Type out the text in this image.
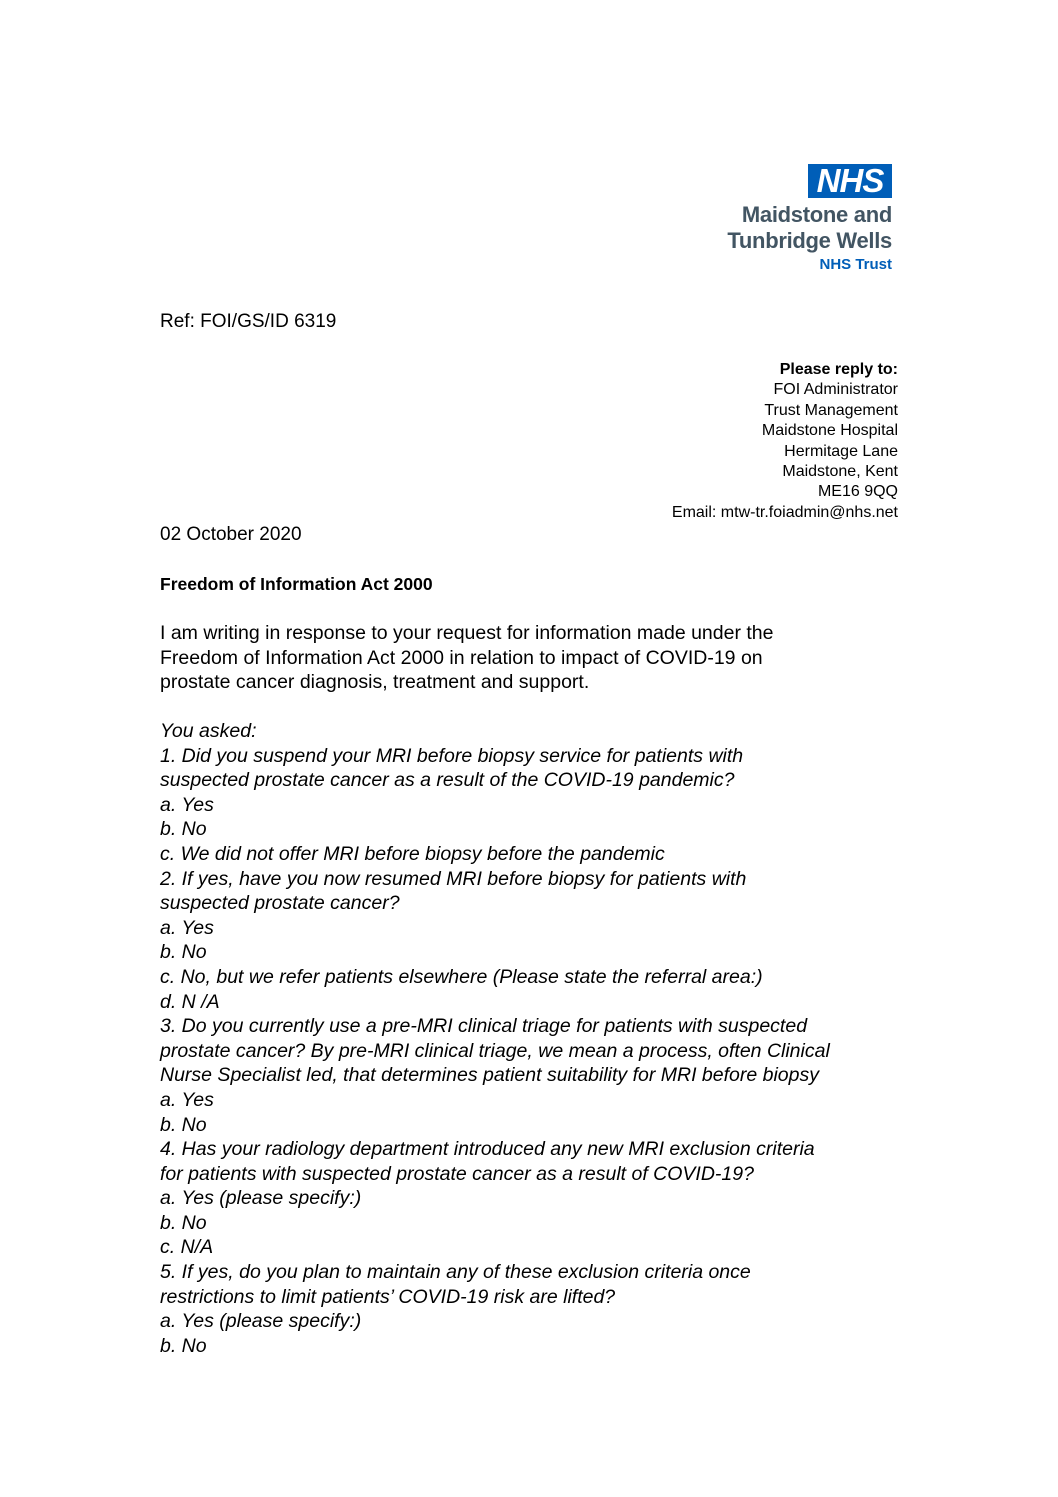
NHS
Maidstone and
Tunbridge Wells
NHS Trust
Ref: FOI/GS/ID 6319
Please reply to:
FOI Administrator
Trust Management
Maidstone Hospital
Hermitage Lane
Maidstone, Kent
ME16 9QQ
Email: mtw-tr.foiadmin@nhs.net
02 October 2020
Freedom of Information Act 2000
I am writing in response to your request for information made under the
Freedom of Information Act 2000 in relation to impact of COVID-19 on
prostate cancer diagnosis, treatment and support.
You asked:
1. Did you suspend your MRI before biopsy service for patients with
suspected prostate cancer as a result of the COVID-19 pandemic?
a. Yes
b. No
c. We did not offer MRI before biopsy before the pandemic
2. If yes, have you now resumed MRI before biopsy for patients with
suspected prostate cancer?
a. Yes
b. No
c. No, but we refer patients elsewhere (Please state the referral area:)
d. N /A
3. Do you currently use a pre-MRI clinical triage for patients with suspected
prostate cancer? By pre-MRI clinical triage, we mean a process, often Clinical
Nurse Specialist led, that determines patient suitability for MRI before biopsy
a. Yes
b. No
4. Has your radiology department introduced any new MRI exclusion criteria
for patients with suspected prostate cancer as a result of COVID-19?
a. Yes (please specify:)
b. No
c. N/A
5. If yes, do you plan to maintain any of these exclusion criteria once
restrictions to limit patients’ COVID-19 risk are lifted?
a. Yes (please specify:)
b. No
